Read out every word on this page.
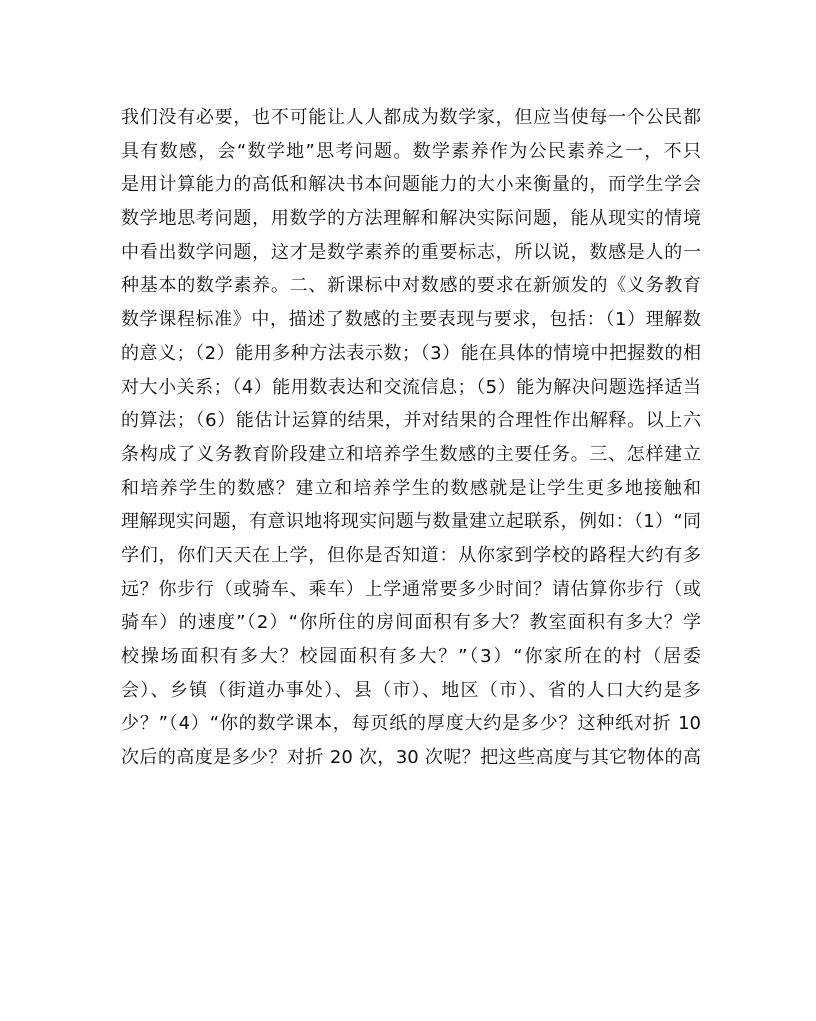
我们没有必要，也不可能让人人都成为数学家，但应当使每一个公民都
具有数感，会“数学地”思考问题。数学素养作为公民素养之一，不只
是用计算能力的高低和解决书本问题能力的大小来衡量的，而学生学会
数学地思考问题，用数学的方法理解和解决实际问题，能从现实的情境
中看出数学问题，这才是数学素养的重要标志，所以说，数感是人的一
种基本的数学素养。二、新课标中对数感的要求在新颁发的《义务教育
数学课程标准》中，描述了数感的主要表现与要求，包括：（1）理解数
的意义；（2）能用多种方法表示数；（3）能在具体的情境中把握数的相
对大小关系；（4）能用数表达和交流信息；（5）能为解决问题选择适当
的算法；（6）能估计运算的结果，并对结果的合理性作出解释。以上六
条构成了义务教育阶段建立和培养学生数感的主要任务。三、怎样建立
和培养学生的数感？建立和培养学生的数感就是让学生更多地接触和
理解现实问题，有意识地将现实问题与数量建立起联系，例如：（1）“同
学们，你们天天在上学，但你是否知道：从你家到学校的路程大约有多
远？你步行（或骑车、乘车）上学通常要多少时间？请估算你步行（或
骑车）的速度”（2）“你所住的房间面积有多大？教室面积有多大？学
校操场面积有多大？校园面积有多大？”（3）“你家所在的村（居委
会）、乡镇（街道办事处）、县（市）、地区（市）、省的人口大约是多
少？”（4）“你的数学课本，每页纸的厚度大约是多少？这种纸对折 10
次后的高度是多少？对折 20 次，30 次呢？把这些高度与其它物体的高
